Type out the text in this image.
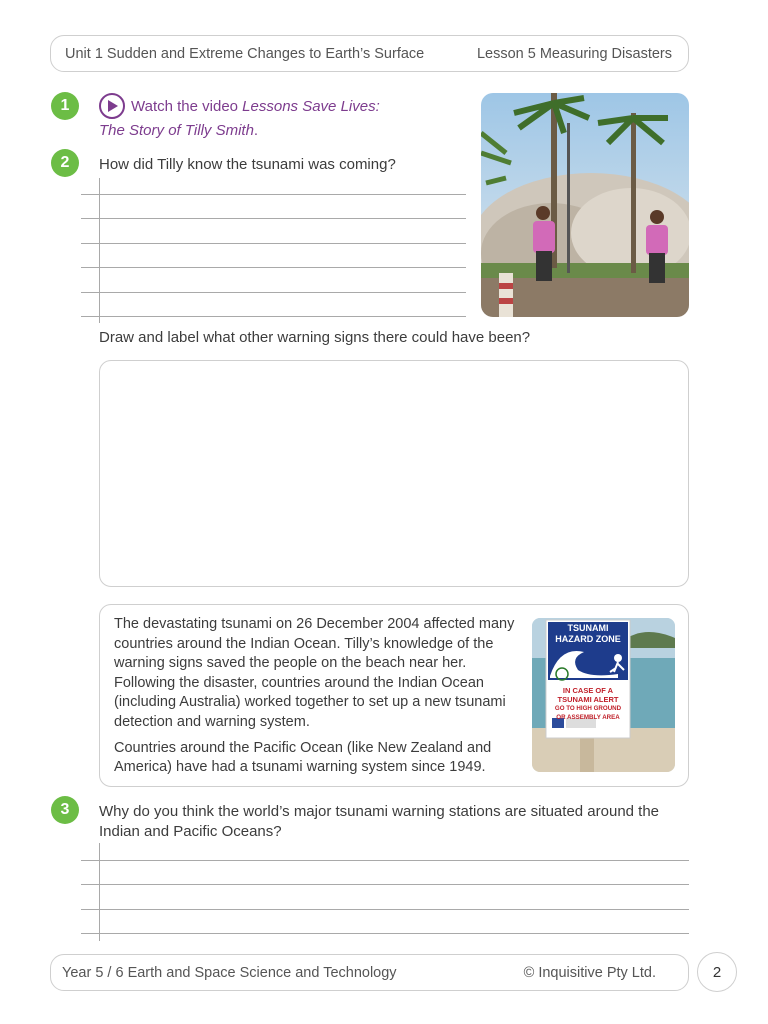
Unit 1 Sudden and Extreme Changes to Earth’s Surface	Lesson 5 Measuring Disasters
1	Watch the video Lessons Save Lives:
The Story of Tilly Smith.
2	How did Tilly know the tsunami was coming?
Draw and label what other warning signs there could have been?

The devastating tsunami on 26 December 2004 affected many countries around the Indian Ocean. Tilly’s knowledge of the warning signs saved the people on the beach near her. Following the disaster, countries around the Indian Ocean (including Australia) worked together to set up a new tsunami detection and warning system.

Countries around the Pacific Ocean (like New Zealand and America) have had a tsunami warning system since 1949.

TSUNAMI
HAZARD ZONE
IN CASE OF A
TSUNAMI ALERT
GO TO HIGH GROUND
OR ASSEMBLY AREA
3	Why do you think the world’s major tsunami warning stations are situated around the Indian and Pacific Oceans?
Year 5 / 6 Earth and Space Science and Technology	© Inquisitive Pty Ltd.	2
